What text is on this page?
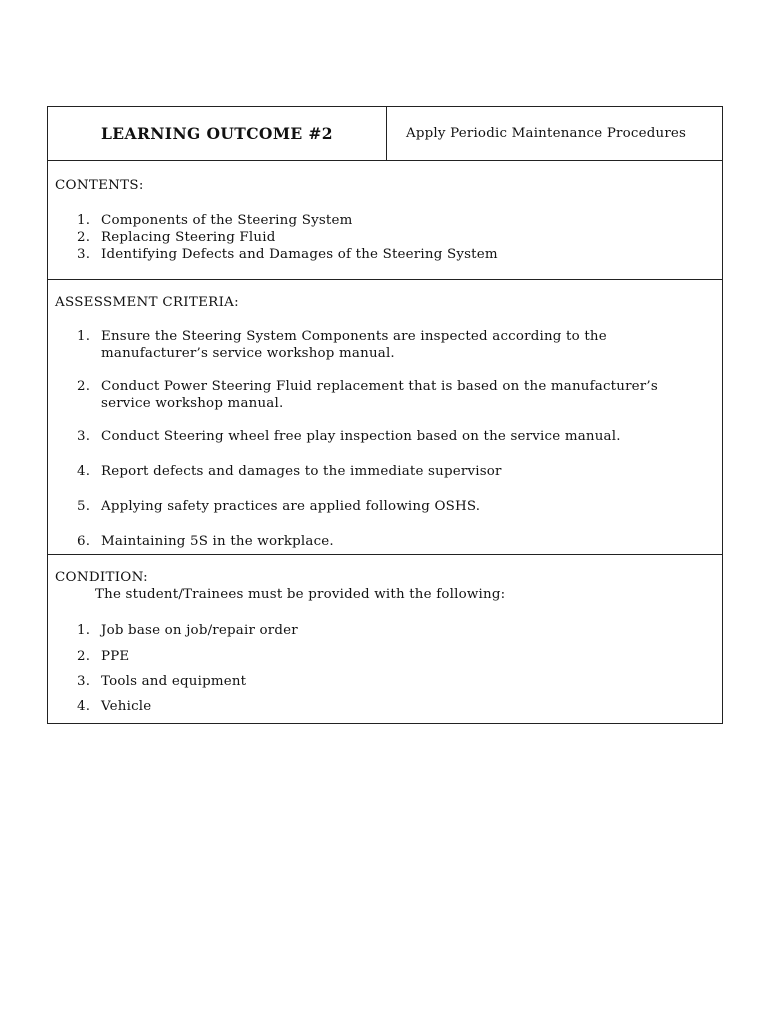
LEARNING OUTCOME #2	Apply Periodic Maintenance Procedures
CONTENTS:
1. Components of the Steering System
2. Replacing Steering Fluid
3. Identifying Defects and Damages of the Steering System
ASSESSMENT CRITERIA:
1. Ensure the Steering System Components are inspected according to the manufacturer’s service workshop manual.
2. Conduct Power Steering Fluid replacement that is based on the manufacturer’s service workshop manual.
3. Conduct Steering wheel free play inspection based on the service manual.
4. Report defects and damages to the immediate supervisor
5. Applying safety practices are applied following OSHS.
6. Maintaining 5S in the workplace.
CONDITION:
The student/Trainees must be provided with the following:
1. Job base on job/repair order
2. PPE
3. Tools and equipment
4. Vehicle
